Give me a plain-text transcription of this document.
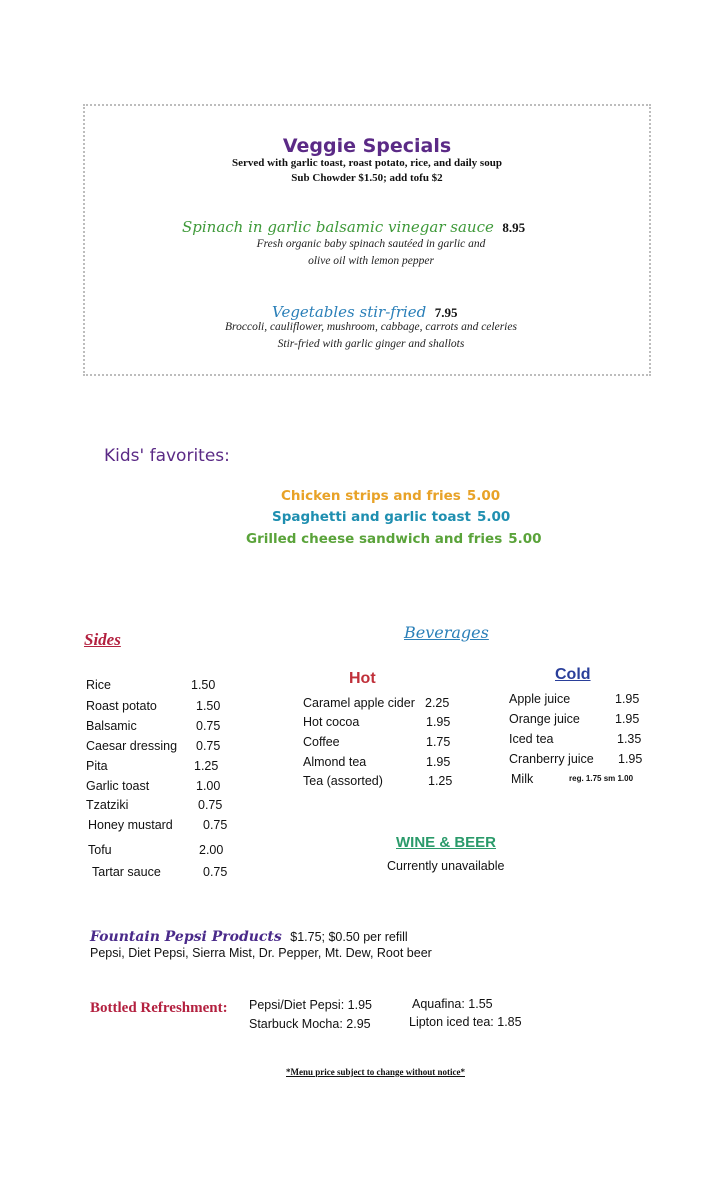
Veggie Specials
Served with garlic toast, roast potato, rice, and daily soup
Sub Chowder $1.50; add tofu $2
Spinach in garlic balsamic vinegar sauce 8.95
Fresh organic baby spinach sautéed in garlic and
olive oil with lemon pepper
Vegetables stir-fried 7.95
Broccoli, cauliflower, mushroom, cabbage, carrots and celeries
Stir-fried with garlic ginger and shallots
Kids' favorites:
Chicken strips and fries 5.00
Spaghetti and garlic toast 5.00
Grilled cheese sandwich and fries 5.00
Sides
Rice	1.50
Roast potato	1.50
Balsamic	0.75
Caesar dressing 0.75
Pita	1.25
Garlic toast	1.00
Tzatziki	0.75
Honey mustard 0.75
Tofu	2.00
Tartar sauce	0.75
Beverages
Hot	Cold
Caramel apple cider 2.25
Hot cocoa	1.95
Coffee	1.75
Almond tea	1.95
Tea (assorted)	1.25
Apple juice	1.95
Orange juice	1.95
Iced tea	1.35
Cranberry juice 1.95
Milk	reg. 1.75 sm 1.00
WINE & BEER
Currently unavailable
Fountain Pepsi Products $1.75; $0.50 per refill
Pepsi, Diet Pepsi, Sierra Mist, Dr. Pepper, Mt. Dew, Root beer
Bottled Refreshment: Pepsi/Diet Pepsi: 1.95
Starbuck Mocha: 2.95
Aquafina: 1.55
Lipton iced tea: 1.85
*Menu price subject to change without notice*
